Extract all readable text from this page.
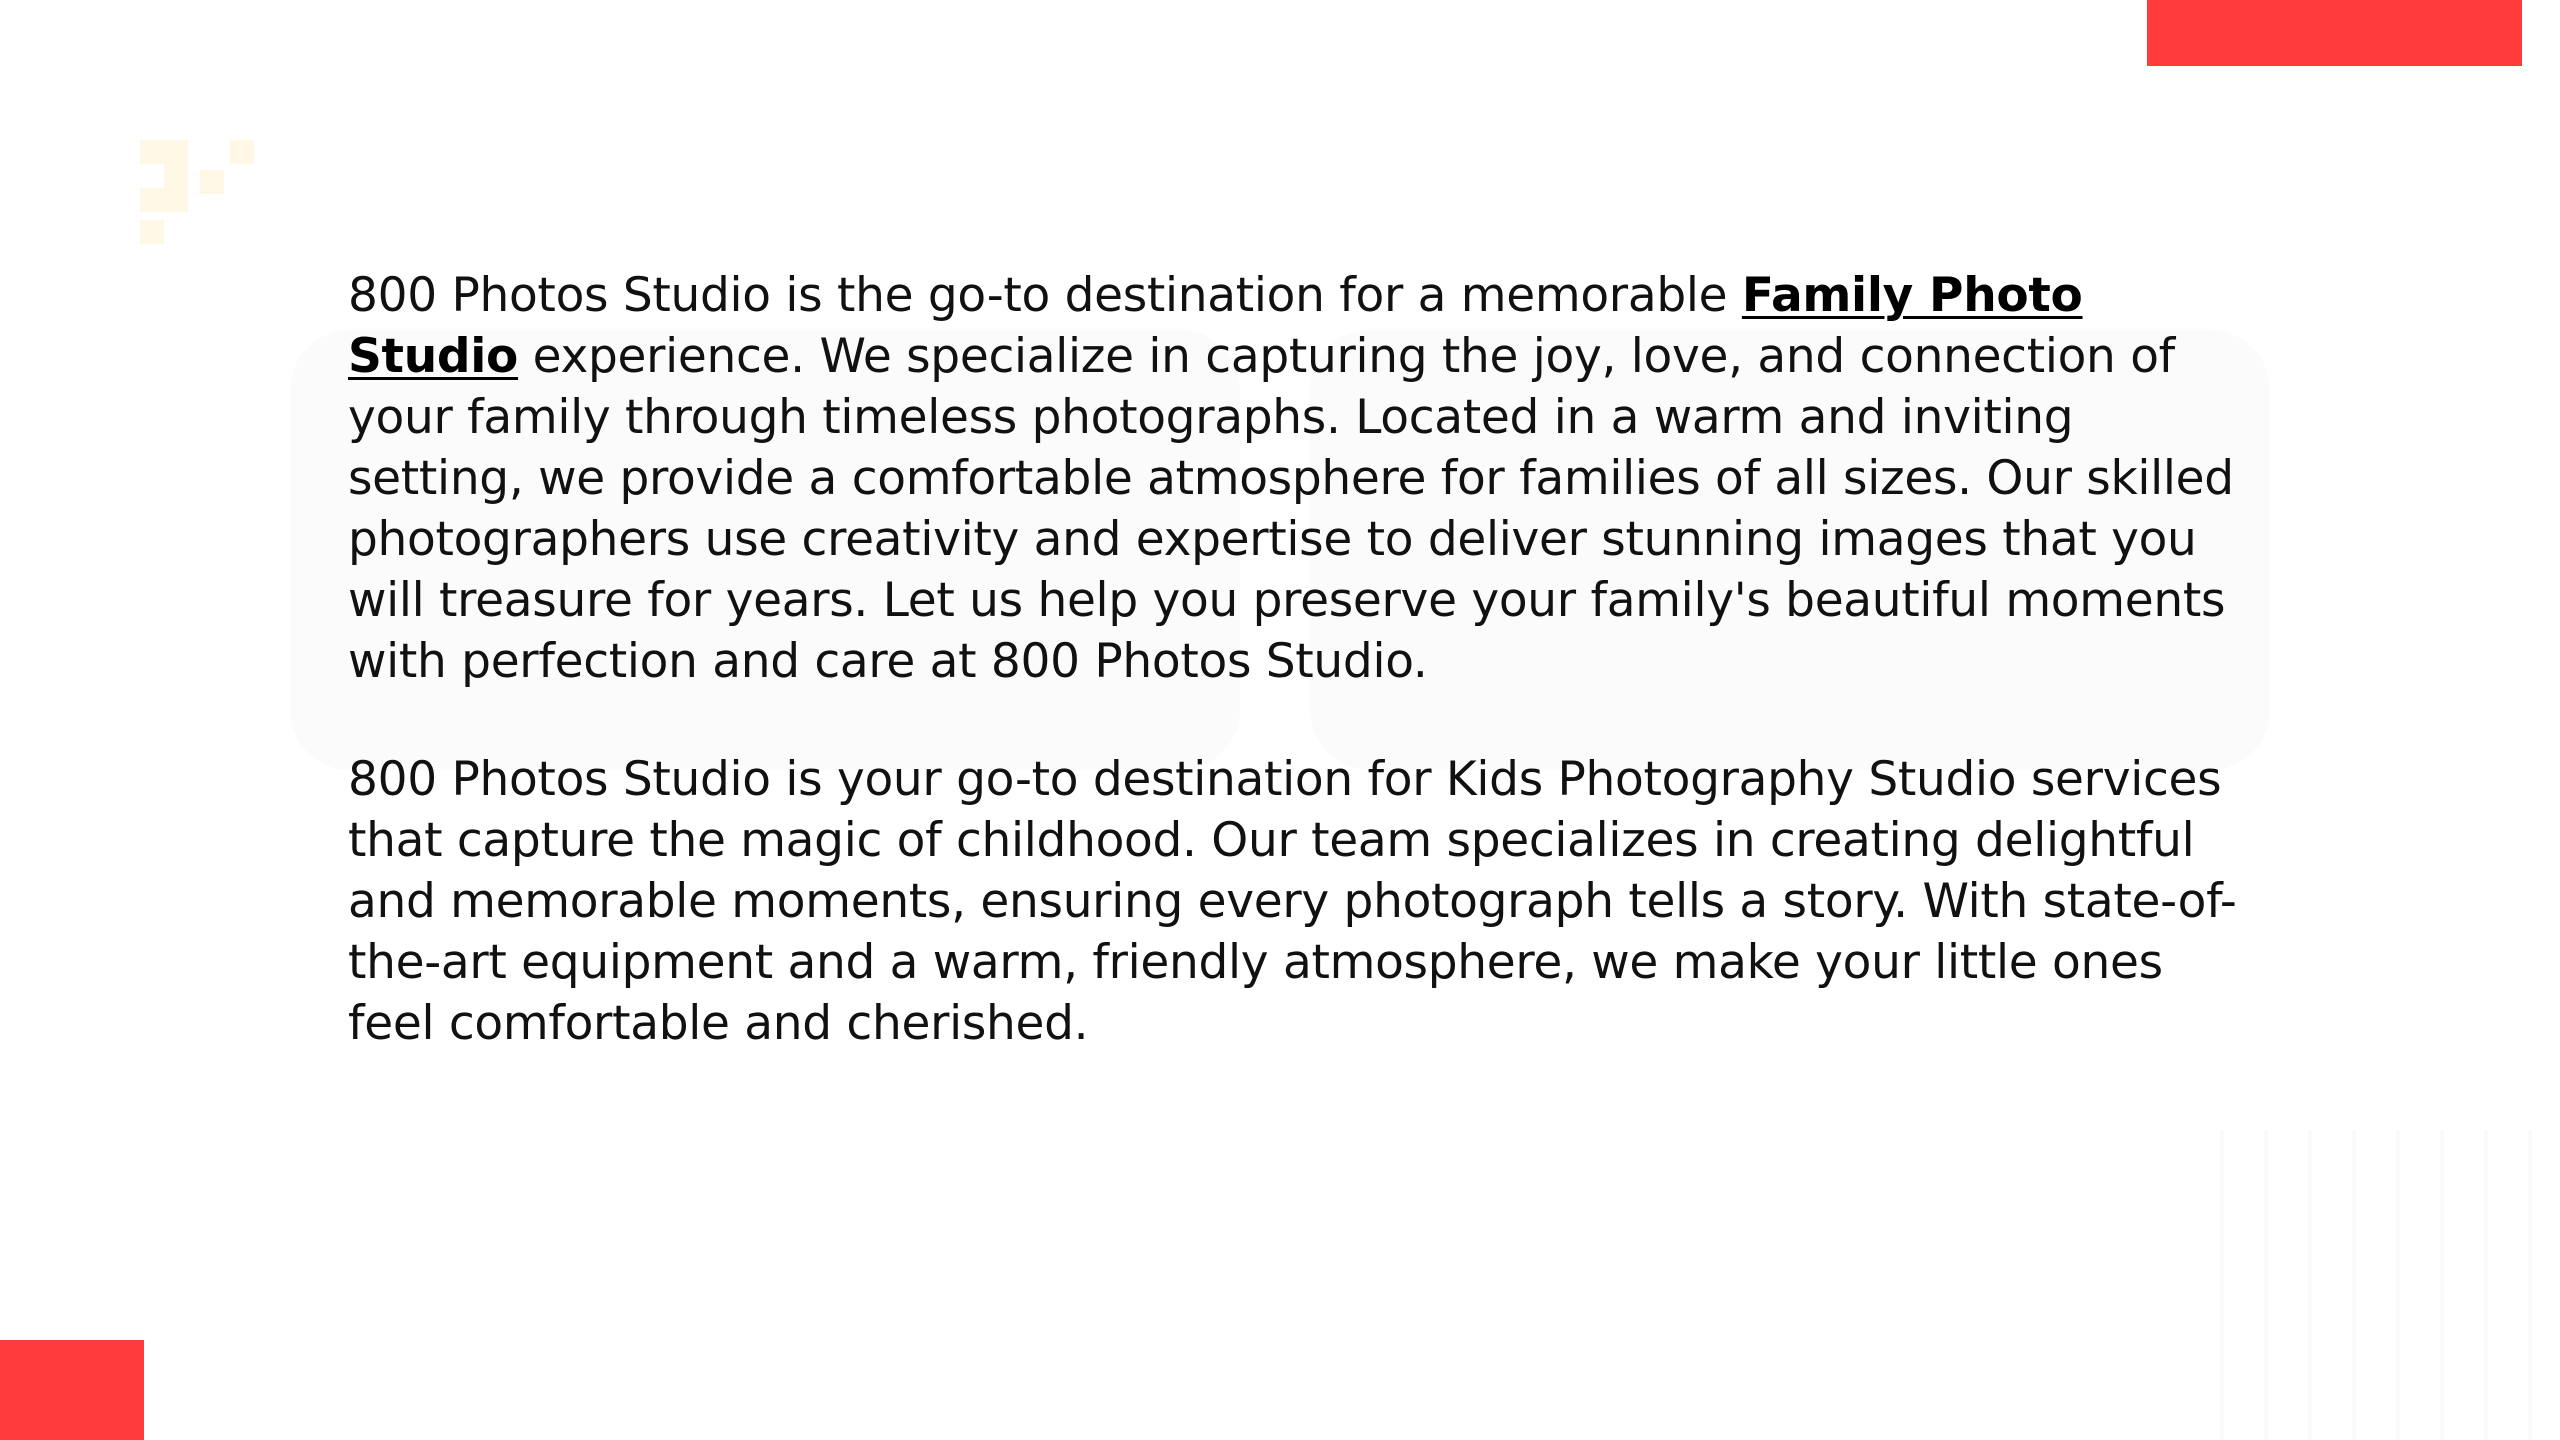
800 Photos Studio is the go-to destination for a memorable Family Photo Studio experience. We specialize in capturing the joy, love, and connection of your family through timeless photographs. Located in a warm and inviting setting, we provide a comfortable atmosphere for families of all sizes. Our skilled photographers use creativity and expertise to deliver stunning images that you will treasure for years. Let us help you preserve your family's beautiful moments with perfection and care at 800 Photos Studio.

800 Photos Studio is your go-to destination for Kids Photography Studio services that capture the magic of childhood. Our team specializes in creating delightful and memorable moments, ensuring every photograph tells a story. With state-of-the-art equipment and a warm, friendly atmosphere, we make your little ones feel comfortable and cherished.
